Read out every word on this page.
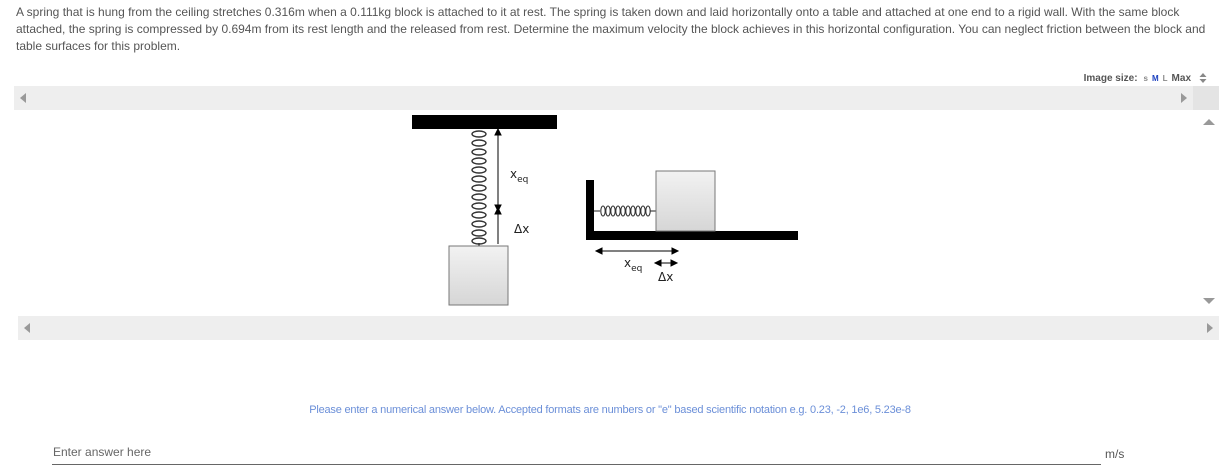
A spring that is hung from the ceiling stretches 0.316m when a 0.111kg block is attached to it at rest. The spring is taken down and laid horizontally onto a table and attached at one end to a rigid wall. With the same block attached, the spring is compressed by 0.694m from its rest length and the released from rest. Determine the maximum velocity the block achieves in this horizontal configuration. You can neglect friction between the block and table surfaces for this problem.
Image size: s M L Max
$x_{eq}$
Δx
$x_{eq}$
Δx
Please enter a numerical answer below. Accepted formats are numbers or "e" based scientific notation e.g. 0.23, -2, 1e6, 5.23e-8
Enter answer here
m/s
